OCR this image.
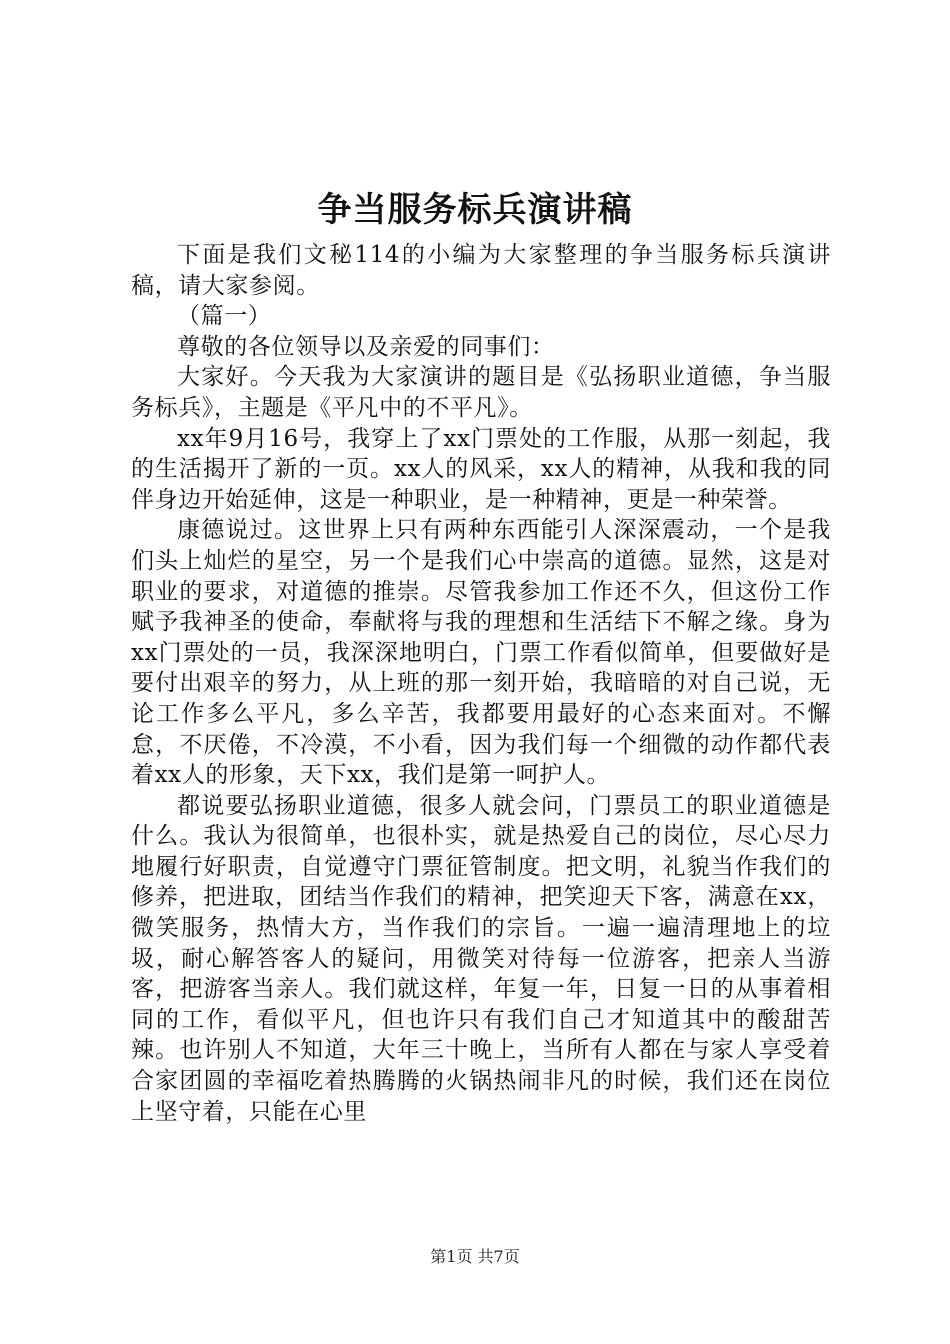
争当服务标兵演讲稿

下面是我们文秘114的小编为大家整理的争当服务标兵演讲稿，请大家参阅。

（篇一）

尊敬的各位领导以及亲爱的同事们：

大家好。今天我为大家演讲的题目是《弘扬职业道德，争当服务标兵》，主题是《平凡中的不平凡》。

xx年9月16号，我穿上了xx门票处的工作服，从那一刻起，我的生活揭开了新的一页。xx人的风采，xx人的精神，从我和我的同伴身边开始延伸，这是一种职业，是一种精神，更是一种荣誉。

康德说过。这世界上只有两种东西能引人深深震动，一个是我们头上灿烂的星空，另一个是我们心中崇高的道德。显然，这是对职业的要求，对道德的推崇。尽管我参加工作还不久，但这份工作赋予我神圣的使命，奉献将与我的理想和生活结下不解之缘。身为xx门票处的一员，我深深地明白，门票工作看似简单，但要做好是要付出艰辛的努力，从上班的那一刻开始，我暗暗的对自己说，无论工作多么平凡，多么辛苦，我都要用最好的心态来面对。不懈怠，不厌倦，不冷漠，不小看，因为我们每一个细微的动作都代表着xx人的形象，天下xx，我们是第一呵护人。

都说要弘扬职业道德，很多人就会问，门票员工的职业道德是什么。我认为很简单，也很朴实，就是热爱自己的岗位，尽心尽力地履行好职责，自觉遵守门票征管制度。把文明，礼貌当作我们的修养，把进取，团结当作我们的精神，把笑迎天下客，满意在xx，微笑服务，热情大方，当作我们的宗旨。一遍一遍清理地上的垃圾，耐心解答客人的疑问，用微笑对待每一位游客，把亲人当游客，把游客当亲人。我们就这样，年复一年，日复一日的从事着相同的工作，看似平凡，但也许只有我们自己才知道其中的酸甜苦辣。也许别人不知道，大年三十晚上，当所有人都在与家人享受着合家团圆的幸福吃着热腾腾的火锅热闹非凡的时候，我们还在岗位上坚守着，只能在心里

第1页 共7页
